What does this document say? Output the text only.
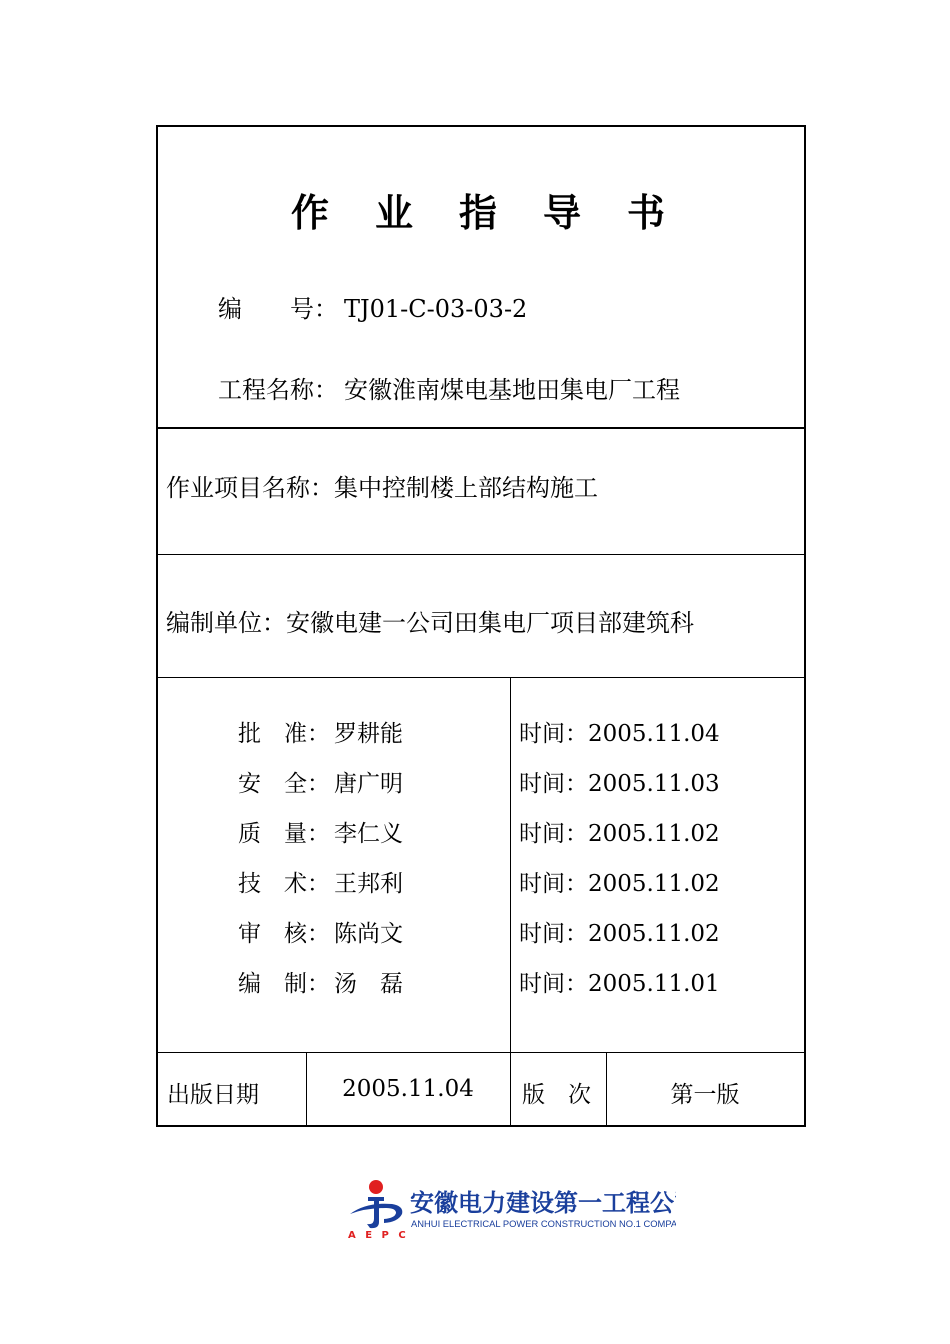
作 业 指 导 书
编　　号： TJ01-C-03-03-2
工程名称： 安徽淮南煤电基地田集电厂工程
作业项目名称：集中控制楼上部结构施工
编制单位：安徽电建一公司田集电厂项目部建筑科
批　准： 罗耕能	时间：2005.11.04
安　全： 唐广明	时间：2005.11.03
质　量： 李仁义	时间：2005.11.02
技　术： 王邦利	时间：2005.11.02
审　核： 陈尚文	时间：2005.11.02
编　制： 汤　磊	时间：2005.11.01
出版日期	2005.11.04	版　次	第一版
A E P C
安徽电力建设第一工程公司
ANHUI ELECTRICAL POWER CONSTRUCTION NO.1 COMPANY
